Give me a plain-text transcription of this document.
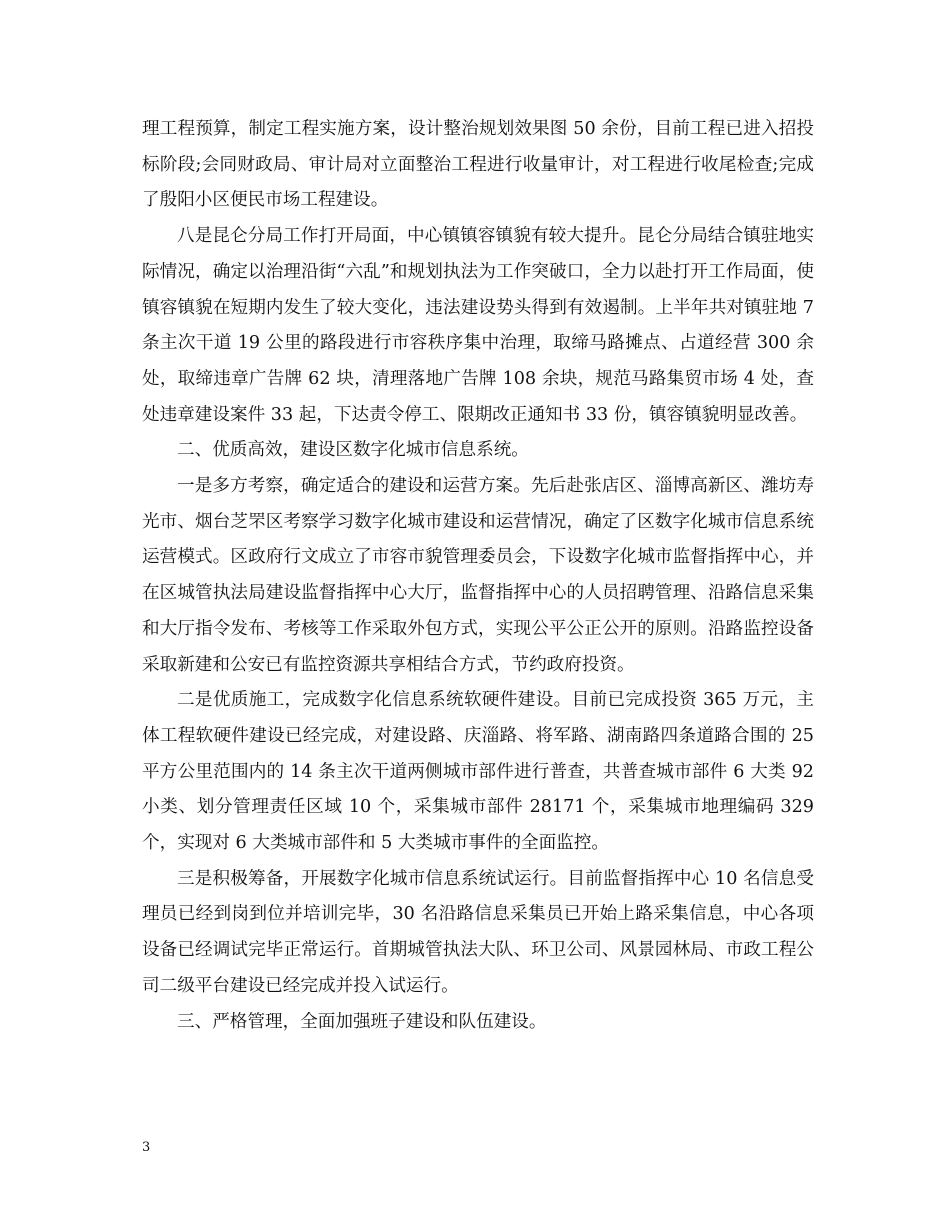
理工程预算，制定工程实施方案，设计整治规划效果图 50 余份，目前工程已进入招投标阶段;会同财政局、审计局对立面整治工程进行收量审计，对工程进行收尾检查;完成了殷阳小区便民市场工程建设。

八是昆仑分局工作打开局面，中心镇镇容镇貌有较大提升。昆仑分局结合镇驻地实际情况，确定以治理沿街“六乱”和规划执法为工作突破口，全力以赴打开工作局面，使镇容镇貌在短期内发生了较大变化，违法建设势头得到有效遏制。上半年共对镇驻地 7 条主次干道 19 公里的路段进行市容秩序集中治理，取缔马路摊点、占道经营 300 余处，取缔违章广告牌 62 块，清理落地广告牌 108 余块，规范马路集贸市场 4 处，查处违章建设案件 33 起，下达责令停工、限期改正通知书 33 份，镇容镇貌明显改善。

二、优质高效，建设区数字化城市信息系统。

一是多方考察，确定适合的建设和运营方案。先后赴张店区、淄博高新区、潍坊寿光市、烟台芝罘区考察学习数字化城市建设和运营情况，确定了区数字化城市信息系统运营模式。区政府行文成立了市容市貌管理委员会，下设数字化城市监督指挥中心，并在区城管执法局建设监督指挥中心大厅，监督指挥中心的人员招聘管理、沿路信息采集和大厅指令发布、考核等工作采取外包方式，实现公平公正公开的原则。沿路监控设备采取新建和公安已有监控资源共享相结合方式，节约政府投资。

二是优质施工，完成数字化信息系统软硬件建设。目前已完成投资 365 万元，主体工程软硬件建设已经完成，对建设路、庆淄路、将军路、湖南路四条道路合围的 25 平方公里范围内的 14 条主次干道两侧城市部件进行普查，共普查城市部件 6 大类 92 小类、划分管理责任区域 10 个，采集城市部件 28171 个，采集城市地理编码 329 个，实现对 6 大类城市部件和 5 大类城市事件的全面监控。

三是积极筹备，开展数字化城市信息系统试运行。目前监督指挥中心 10 名信息受理员已经到岗到位并培训完毕，30 名沿路信息采集员已开始上路采集信息，中心各项设备已经调试完毕正常运行。首期城管执法大队、环卫公司、风景园林局、市政工程公司二级平台建设已经完成并投入试运行。

三、严格管理，全面加强班子建设和队伍建设。

3
